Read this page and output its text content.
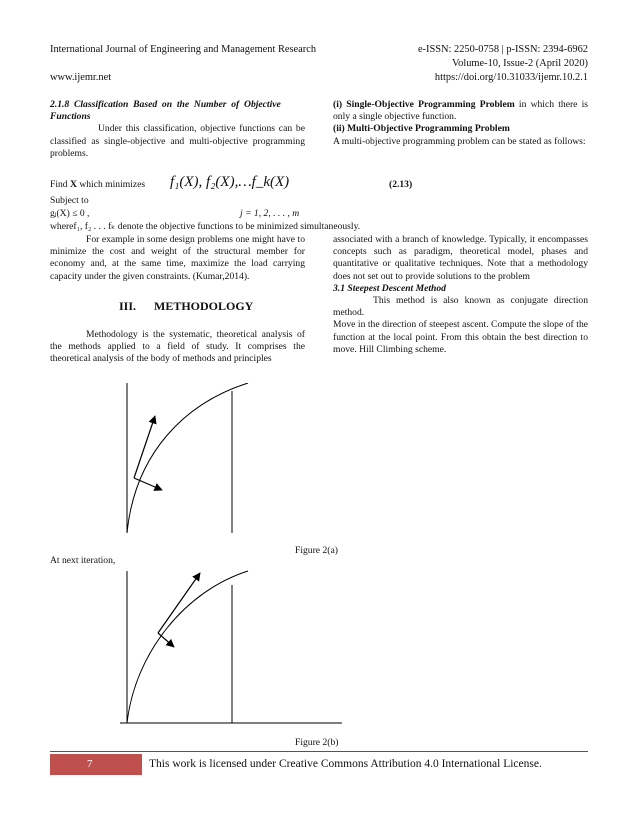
International Journal of Engineering and Management Research	e-ISSN: 2250-0758 | p-ISSN: 2394-6962
Volume-10, Issue-2 (April 2020)
www.ijemr.net	https://doi.org/10.31033/ijemr.10.2.1
2.1.8  Classification  Based  on  the  Number  of  Objective
Functions
Under this classification, objective functions can be classified as single-objective and multi-objective programming problems.
(i) Single-Objective Programming Problem in which there is only a single objective function.
(ii) Multi-Objective Programming Problem
A multi-objective programming problem can be stated as follows:
Find X which minimizes f₁(X), f₂(X),…f_k(X)	(2.13)
Subject to
gⱼ(X) ≤ 0 ,	j = 1, 2, . . . , m
wheref₁, f₂ . . . fₖ denote the objective functions to be minimized simultaneously.
For example in some design problems one might have to minimize the cost and weight of the structural member for economy and, at the same time, maximize the load carrying capacity under the given constraints. (Kumar,2014).
III.      METHODOLOGY
Methodology is the systematic, theoretical analysis of the methods applied to a field of study. It comprises the theoretical analysis of the body of methods and principles
associated with a branch of knowledge. Typically, it encompasses concepts such as paradigm, theoretical model, phases and quantitative or qualitative techniques. Note that a methodology does not set out to provide solutions to the problem
3.1 Steepest Descent Method
This method is also known as conjugate direction method.
Move in the direction of steepest ascent. Compute the slope of the function at the local point. From this obtain the best direction to move. Hill Climbing scheme.
Figure 2(a)
At next iteration,
Figure 2(b)
7	This work is licensed under Creative Commons Attribution 4.0 International License.
